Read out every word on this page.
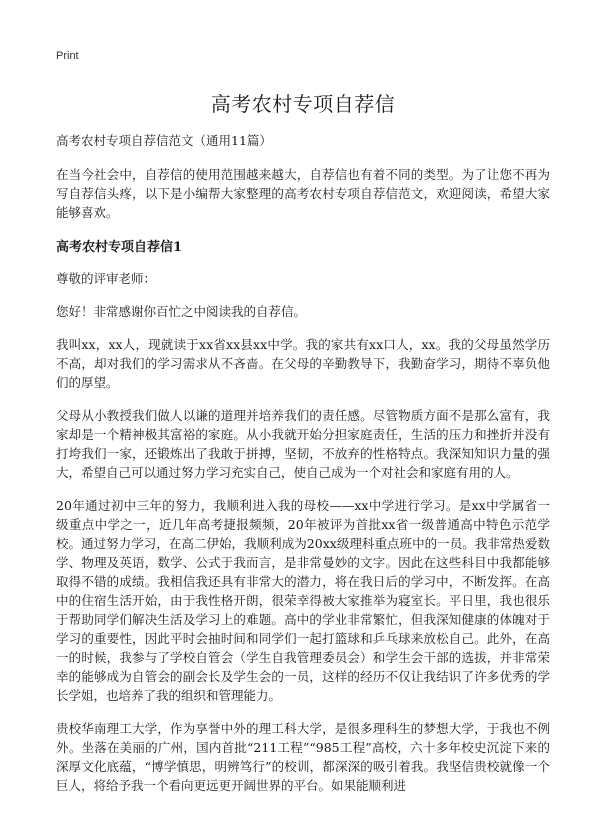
Print
高考农村专项自荐信
高考农村专项自荐信范文（通用11篇）

在当今社会中，自荐信的使用范围越来越大，自荐信也有着不同的类型。为了让您不再为写自荐信头疼，以下是小编帮大家整理的高考农村专项自荐信范文，欢迎阅读，希望大家能够喜欢。

高考农村专项自荐信1

尊敬的评审老师：

您好！非常感谢你百忙之中阅读我的自荐信。

我叫xx，xx人，现就读于xx省xx县xx中学。我的家共有xx口人，xx。我的父母虽然学历不高，却对我们的学习需求从不吝啬。在父母的辛勤教导下，我勤奋学习，期待不辜负他们的厚望。

父母从小教授我们做人以谦的道理并培养我们的责任感。尽管物质方面不是那么富有，我家却是一个精神极其富裕的家庭。从小我就开始分担家庭责任，生活的压力和挫折并没有打垮我们一家，还锻炼出了我敢于拼搏，坚韧，不放弃的性格特点。我深知知识力量的强大，希望自己可以通过努力学习充实自己，使自己成为一个对社会和家庭有用的人。

20年通过初中三年的努力，我顺利进入我的母校——xx中学进行学习。是xx中学属省一级重点中学之一，近几年高考捷报频频，20年被评为首批xx省一级普通高中特色示范学校。通过努力学习，在高二伊始，我顺利成为20xx级理科重点班中的一员。我非常热爱数学、物理及英语，数学、公式于我而言，是非常曼妙的文字。因此在这些科目中我都能够取得不错的成绩。我相信我还具有非常大的潜力，将在我日后的学习中，不断发挥。在高中的住宿生活开始，由于我性格开朗，很荣幸得被大家推举为寝室长。平日里，我也很乐于帮助同学们解决生活及学习上的难题。高中的学业非常繁忙，但我深知健康的体魄对于学习的重要性，因此平时会抽时间和同学们一起打篮球和乒乓球来放松自己。此外，在高一的时候，我参与了学校自管会（学生自我管理委员会）和学生会干部的选拔，并非常荣幸的能够成为自管会的副会长及学生会的一员，这样的经历不仅让我结识了许多优秀的学长学姐，也培养了我的组织和管理能力。

贵校华南理工大学，作为享誉中外的理工科大学，是很多理科生的梦想大学，于我也不例外。坐落在美丽的广州，国内首批“211工程”“985工程”高校，六十多年校史沉淀下来的深厚文化底蕴，“博学慎思，明辨笃行”的校训，都深深的吸引着我。我坚信贵校就像一个巨人，将给予我一个看向更远更开阔世界的平台。如果能顺利进
